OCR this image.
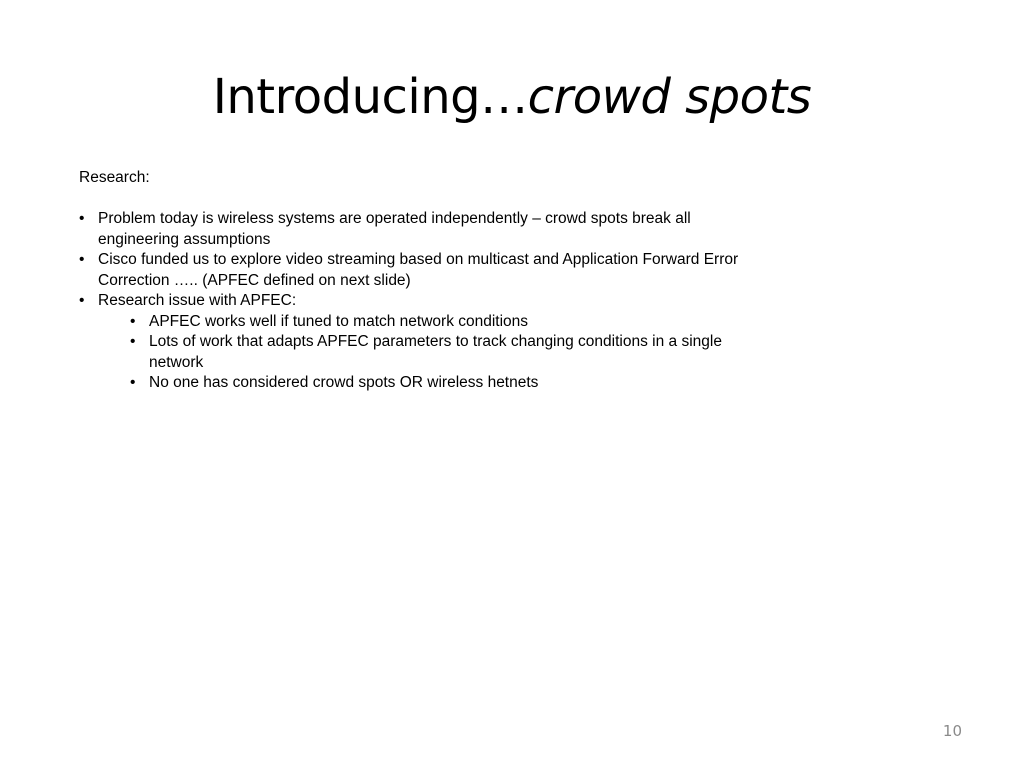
Introducing…crowd spots

Research:

• Problem today is wireless systems are operated independently – crowd spots break all engineering assumptions
• Cisco funded us to explore video streaming based on multicast and Application Forward Error Correction ….. (APFEC defined on next slide)
• Research issue with APFEC:
• APFEC works well if tuned to match network conditions
• Lots of work that adapts APFEC parameters to track changing conditions in a single network
• No one has considered crowd spots OR wireless hetnets
10
